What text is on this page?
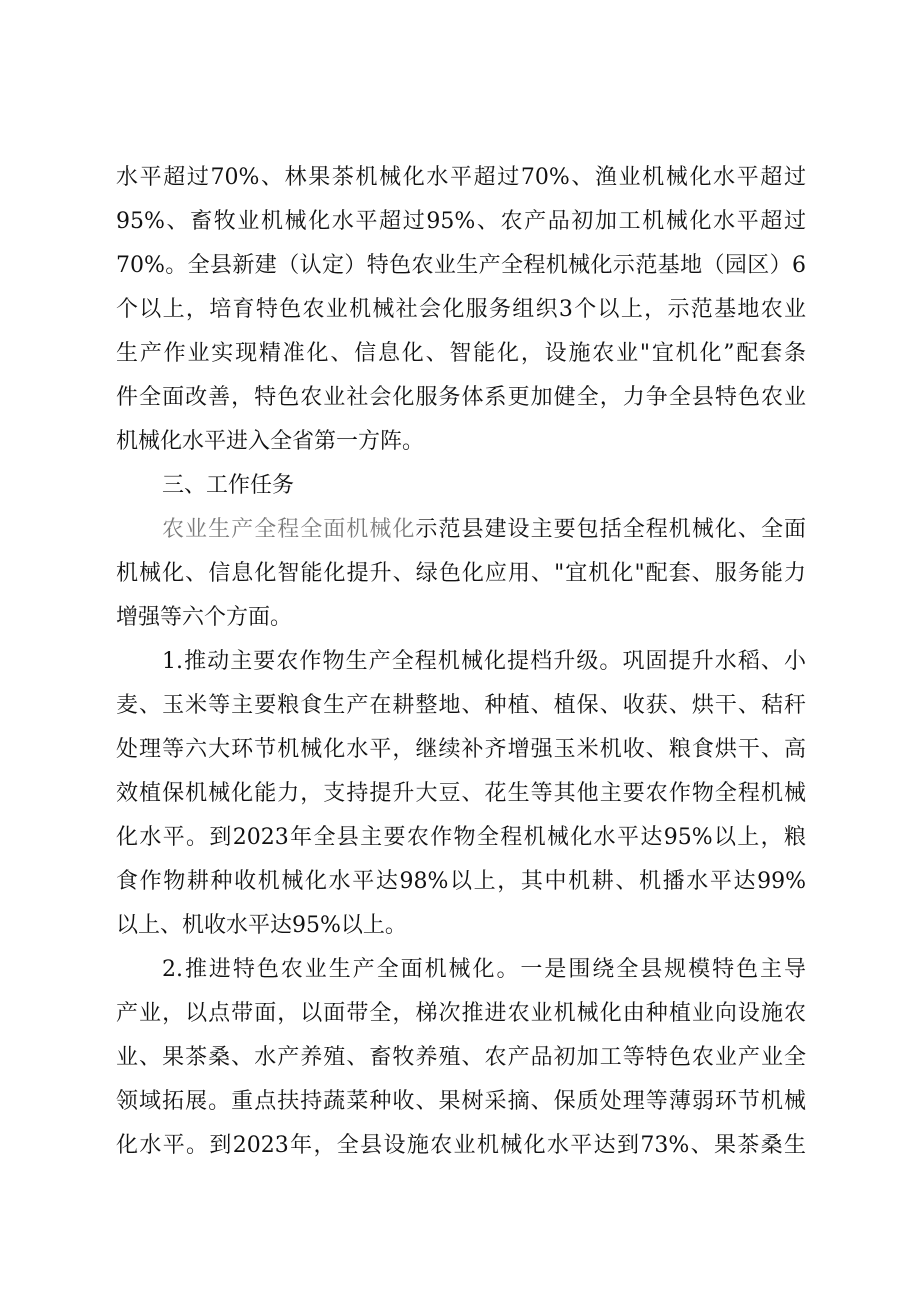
水平超过70%、林果茶机械化水平超过70%、渔业机械化水平超过
95%、畜牧业机械化水平超过95%、农产品初加工机械化水平超过
70%。全县新建（认定）特色农业生产全程机械化示范基地（园区）6
个以上，培育特色农业机械社会化服务组织3个以上，示范基地农业
生产作业实现精准化、信息化、智能化，设施农业"宜机化”配套条
件全面改善，特色农业社会化服务体系更加健全，力争全县特色农业
机械化水平进入全省第一方阵。
三、工作任务
农业生产全程全面机械化示范县建设主要包括全程机械化、全面
机械化、信息化智能化提升、绿色化应用、"宜机化"配套、服务能力
增强等六个方面。
1.推动主要农作物生产全程机械化提档升级。巩固提升水稻、小
麦、玉米等主要粮食生产在耕整地、种植、植保、收获、烘干、秸秆
处理等六大环节机械化水平，继续补齐增强玉米机收、粮食烘干、高
效植保机械化能力，支持提升大豆、花生等其他主要农作物全程机械
化水平。到2023年全县主要农作物全程机械化水平达95%以上，粮
食作物耕种收机械化水平达98%以上，其中机耕、机播水平达99%
以上、机收水平达95%以上。
2.推进特色农业生产全面机械化。一是围绕全县规模特色主导
产业，以点带面，以面带全，梯次推进农业机械化由种植业向设施农
业、果茶桑、水产养殖、畜牧养殖、农产品初加工等特色农业产业全
领域拓展。重点扶持蔬菜种收、果树采摘、保质处理等薄弱环节机械
化水平。到2023年，全县设施农业机械化水平达到73%、果茶桑生
